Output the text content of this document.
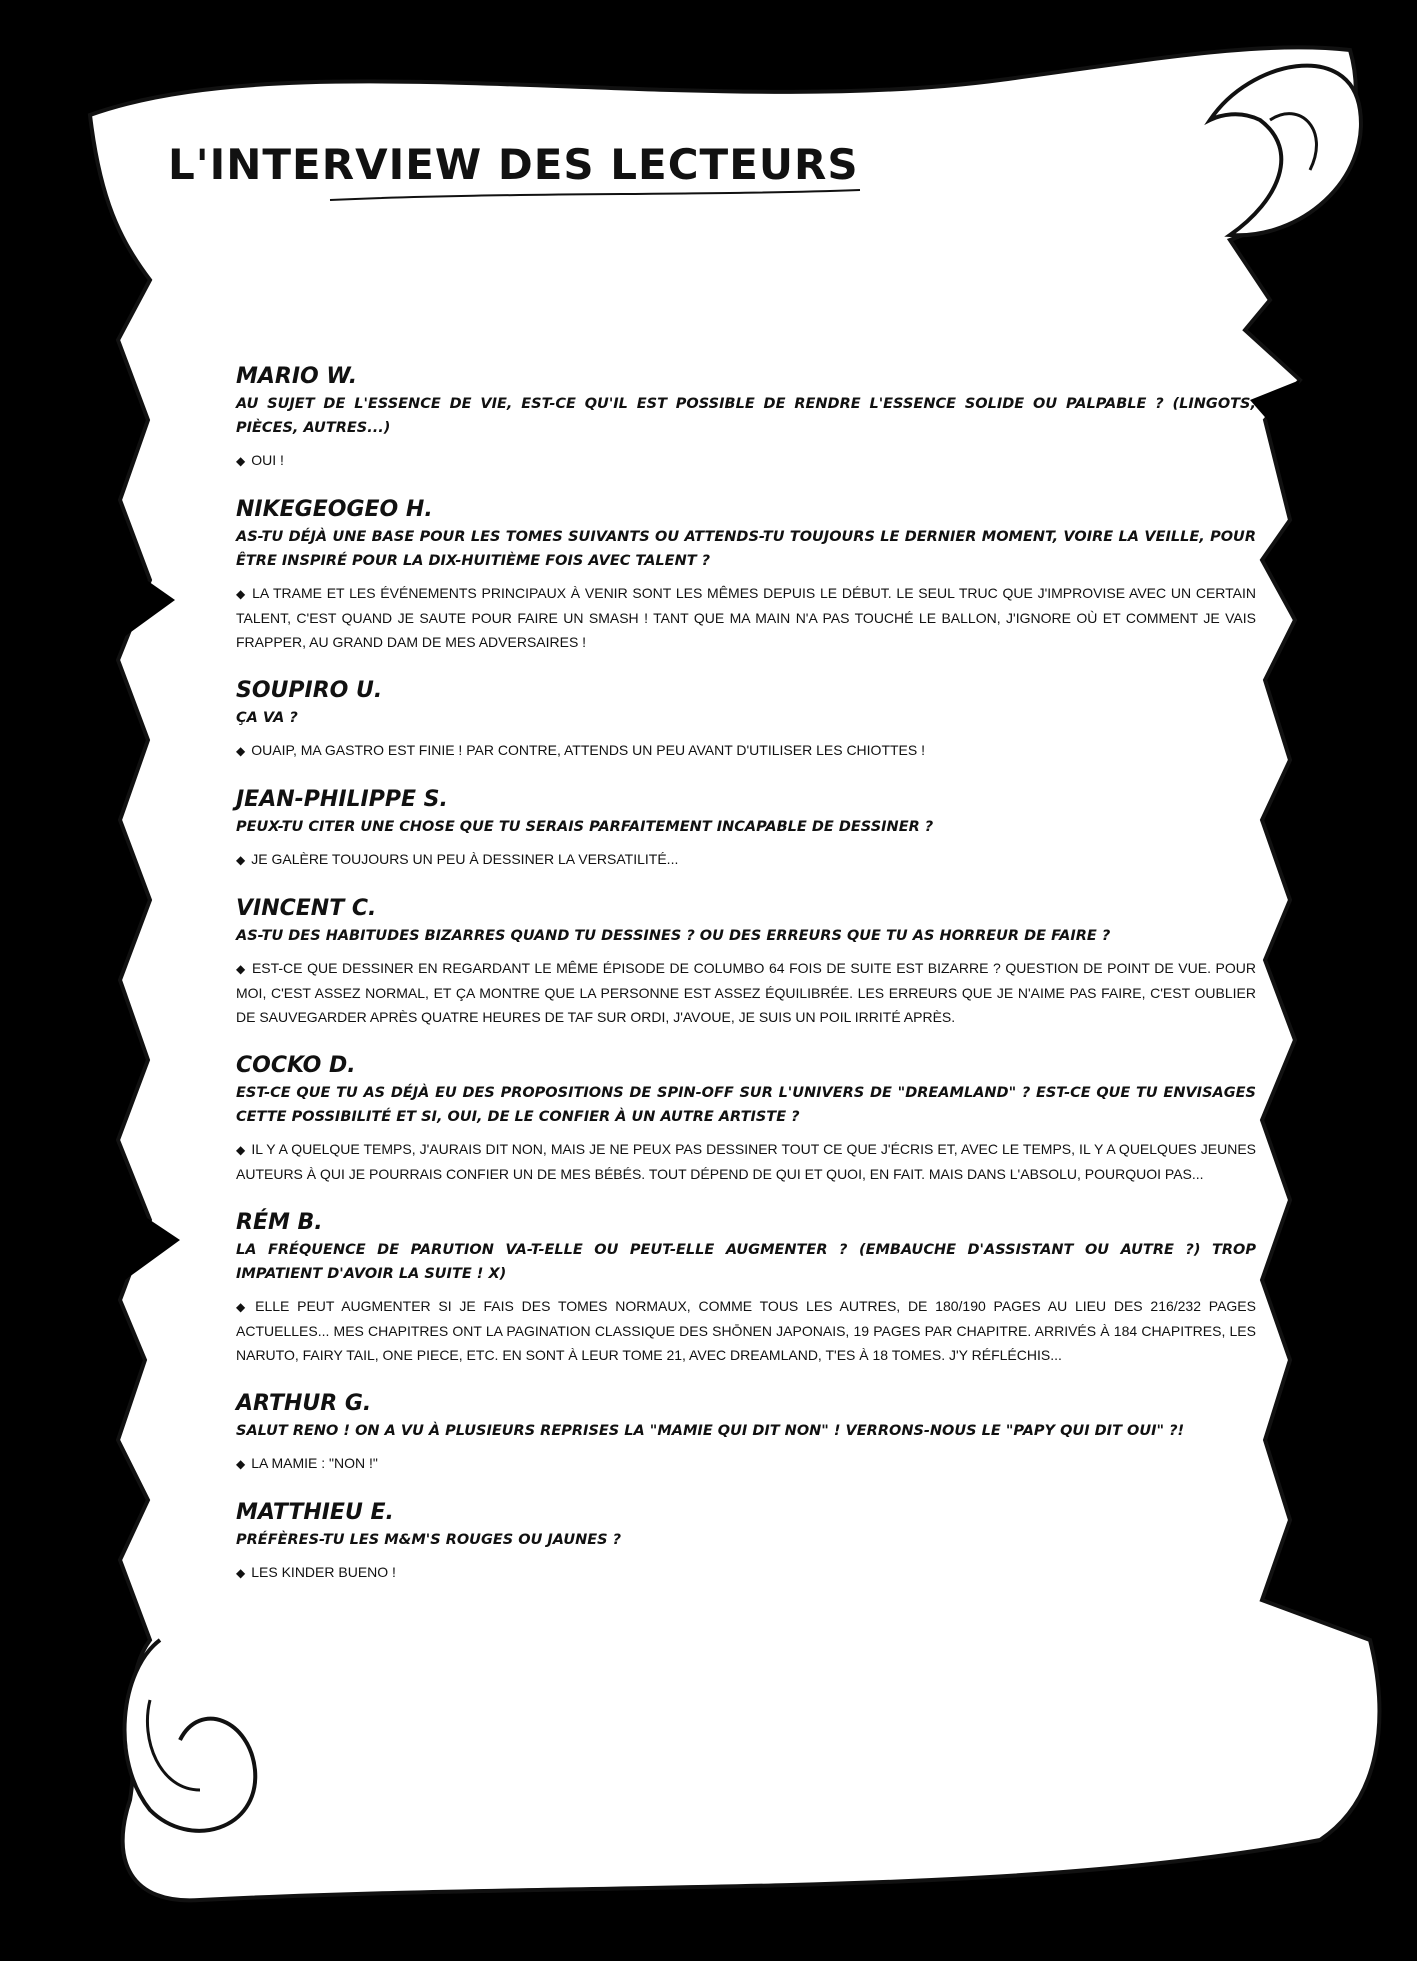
L'INTERVIEW DES LECTEURS
MARIO W.

AU SUJET DE L'ESSENCE DE VIE, EST-CE QU'IL EST POSSIBLE DE RENDRE L'ESSENCE SOLIDE OU PALPABLE ? (LINGOTS, PIÈCES, AUTRES...)

◆ OUI !

NIKEGEOGEO H.

AS-TU DÉJÀ UNE BASE POUR LES TOMES SUIVANTS OU ATTENDS-TU TOUJOURS LE DERNIER MOMENT, VOIRE LA VEILLE, POUR ÊTRE INSPIRÉ POUR LA DIX-HUITIÈME FOIS AVEC TALENT ?

◆ LA TRAME ET LES ÉVÉNEMENTS PRINCIPAUX À VENIR SONT LES MÊMES DEPUIS LE DÉBUT. LE SEUL TRUC QUE J'IMPROVISE AVEC UN CERTAIN TALENT, C'EST QUAND JE SAUTE POUR FAIRE UN SMASH ! TANT QUE MA MAIN N'A PAS TOUCHÉ LE BALLON, J'IGNORE OÙ ET COMMENT JE VAIS FRAPPER, AU GRAND DAM DE MES ADVERSAIRES !

SOUPIRO U.

ÇA VA ?

◆ OUAIP, MA GASTRO EST FINIE ! PAR CONTRE, ATTENDS UN PEU AVANT D'UTILISER LES CHIOTTES !

JEAN-PHILIPPE S.

PEUX-TU CITER UNE CHOSE QUE TU SERAIS PARFAITEMENT INCAPABLE DE DESSINER ?

◆ JE GALÈRE TOUJOURS UN PEU À DESSINER LA VERSATILITÉ...

VINCENT C.

AS-TU DES HABITUDES BIZARRES QUAND TU DESSINES ? OU DES ERREURS QUE TU AS HORREUR DE FAIRE ?

◆ EST-CE QUE DESSINER EN REGARDANT LE MÊME ÉPISODE DE COLUMBO 64 FOIS DE SUITE EST BIZARRE ? QUESTION DE POINT DE VUE. POUR MOI, C'EST ASSEZ NORMAL, ET ÇA MONTRE QUE LA PERSONNE EST ASSEZ ÉQUILIBRÉE. LES ERREURS QUE JE N'AIME PAS FAIRE, C'EST OUBLIER DE SAUVEGARDER APRÈS QUATRE HEURES DE TAF SUR ORDI, J'AVOUE, JE SUIS UN POIL IRRITÉ APRÈS.

COCKO D.

EST-CE QUE TU AS DÉJÀ EU DES PROPOSITIONS DE SPIN-OFF SUR L'UNIVERS DE "DREAMLAND" ? EST-CE QUE TU ENVISAGES CETTE POSSIBILITÉ ET SI, OUI, DE LE CONFIER À UN AUTRE ARTISTE ?

◆ IL Y A QUELQUE TEMPS, J'AURAIS DIT NON, MAIS JE NE PEUX PAS DESSINER TOUT CE QUE J'ÉCRIS ET, AVEC LE TEMPS, IL Y A QUELQUES JEUNES AUTEURS À QUI JE POURRAIS CONFIER UN DE MES BÉBÉS. TOUT DÉPEND DE QUI ET QUOI, EN FAIT. MAIS DANS L'ABSOLU, POURQUOI PAS...

RÉM B.

LA FRÉQUENCE DE PARUTION VA-T-ELLE OU PEUT-ELLE AUGMENTER ? (EMBAUCHE D'ASSISTANT OU AUTRE ?) TROP IMPATIENT D'AVOIR LA SUITE ! X)

◆ ELLE PEUT AUGMENTER SI JE FAIS DES TOMES NORMAUX, COMME TOUS LES AUTRES, DE 180/190 PAGES AU LIEU DES 216/232 PAGES ACTUELLES... MES CHAPITRES ONT LA PAGINATION CLASSIQUE DES SHŌNEN JAPONAIS, 19 PAGES PAR CHAPITRE. ARRIVÉS À 184 CHAPITRES, LES NARUTO, FAIRY TAIL, ONE PIECE, ETC. EN SONT À LEUR TOME 21, AVEC DREAMLAND, T'ES À 18 TOMES. J'Y RÉFLÉCHIS...

ARTHUR G.

SALUT RENO ! ON A VU À PLUSIEURS REPRISES LA "MAMIE QUI DIT NON" ! VERRONS-NOUS LE "PAPY QUI DIT OUI" ?!

◆ LA MAMIE : "NON !"

MATTHIEU E.

PRÉFÈRES-TU LES M&M'S ROUGES OU JAUNES ?

◆ LES KINDER BUENO !
